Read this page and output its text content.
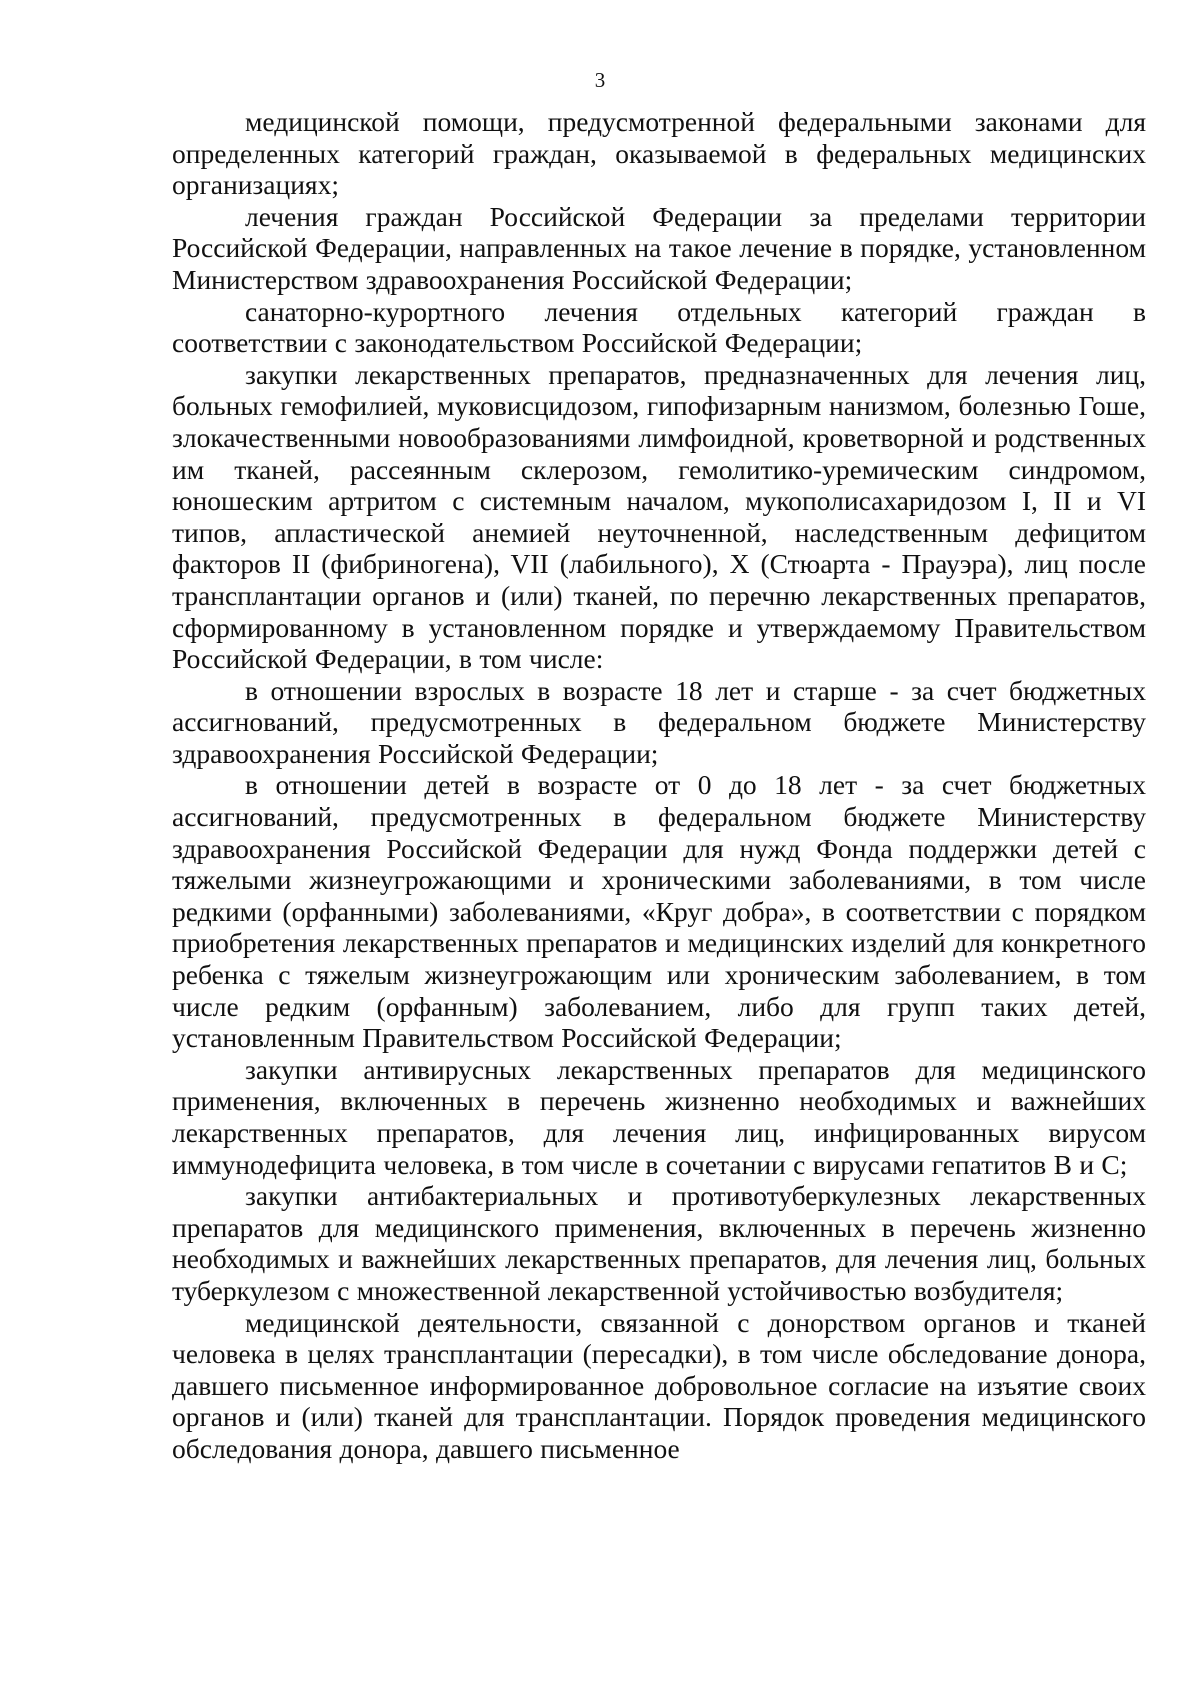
3

медицинской помощи, предусмотренной федеральными законами для определенных категорий граждан, оказываемой в федеральных медицинских организациях;

лечения граждан Российской Федерации за пределами территории Российской Федерации, направленных на такое лечение в порядке, установленном Министерством здравоохранения Российской Федерации;

санаторно-курортного лечения отдельных категорий граждан в соответствии с законодательством Российской Федерации;

закупки лекарственных препаратов, предназначенных для лечения лиц, больных гемофилией, муковисцидозом, гипофизарным нанизмом, болезнью Гоше, злокачественными новообразованиями лимфоидной, кроветворной и родственных им тканей, рассеянным склерозом, гемолитико-уремическим синдромом, юношеским артритом с системным началом, мукополисахаридозом I, II и VI типов, апластической анемией неуточненной, наследственным дефицитом факторов II (фибриногена), VII (лабильного), X (Стюарта - Прауэра), лиц после трансплантации органов и (или) тканей, по перечню лекарственных препаратов, сформированному в установленном порядке и утверждаемому Правительством Российской Федерации, в том числе:

в отношении взрослых в возрасте 18 лет и старше - за счет бюджетных ассигнований, предусмотренных в федеральном бюджете Министерству здравоохранения Российской Федерации;

в отношении детей в возрасте от 0 до 18 лет - за счет бюджетных ассигнований, предусмотренных в федеральном бюджете Министерству здравоохранения Российской Федерации для нужд Фонда поддержки детей с тяжелыми жизнеугрожающими и хроническими заболеваниями, в том числе редкими (орфанными) заболеваниями, «Круг добра», в соответствии с порядком приобретения лекарственных препаратов и медицинских изделий для конкретного ребенка с тяжелым жизнеугрожающим или хроническим заболеванием, в том числе редким (орфанным) заболеванием, либо для групп таких детей, установленным Правительством Российской Федерации;

закупки антивирусных лекарственных препаратов для медицинского применения, включенных в перечень жизненно необходимых и важнейших лекарственных препаратов, для лечения лиц, инфицированных вирусом иммунодефицита человека, в том числе в сочетании с вирусами гепатитов B и C;

закупки антибактериальных и противотуберкулезных лекарственных препаратов для медицинского применения, включенных в перечень жизненно необходимых и важнейших лекарственных препаратов, для лечения лиц, больных туберкулезом с множественной лекарственной устойчивостью возбудителя;

медицинской деятельности, связанной с донорством органов и тканей человека в целях трансплантации (пересадки), в том числе обследование донора, давшего письменное информированное добровольное согласие на изъятие своих органов и (или) тканей для трансплантации. Порядок проведения медицинского обследования донора, давшего письменное
